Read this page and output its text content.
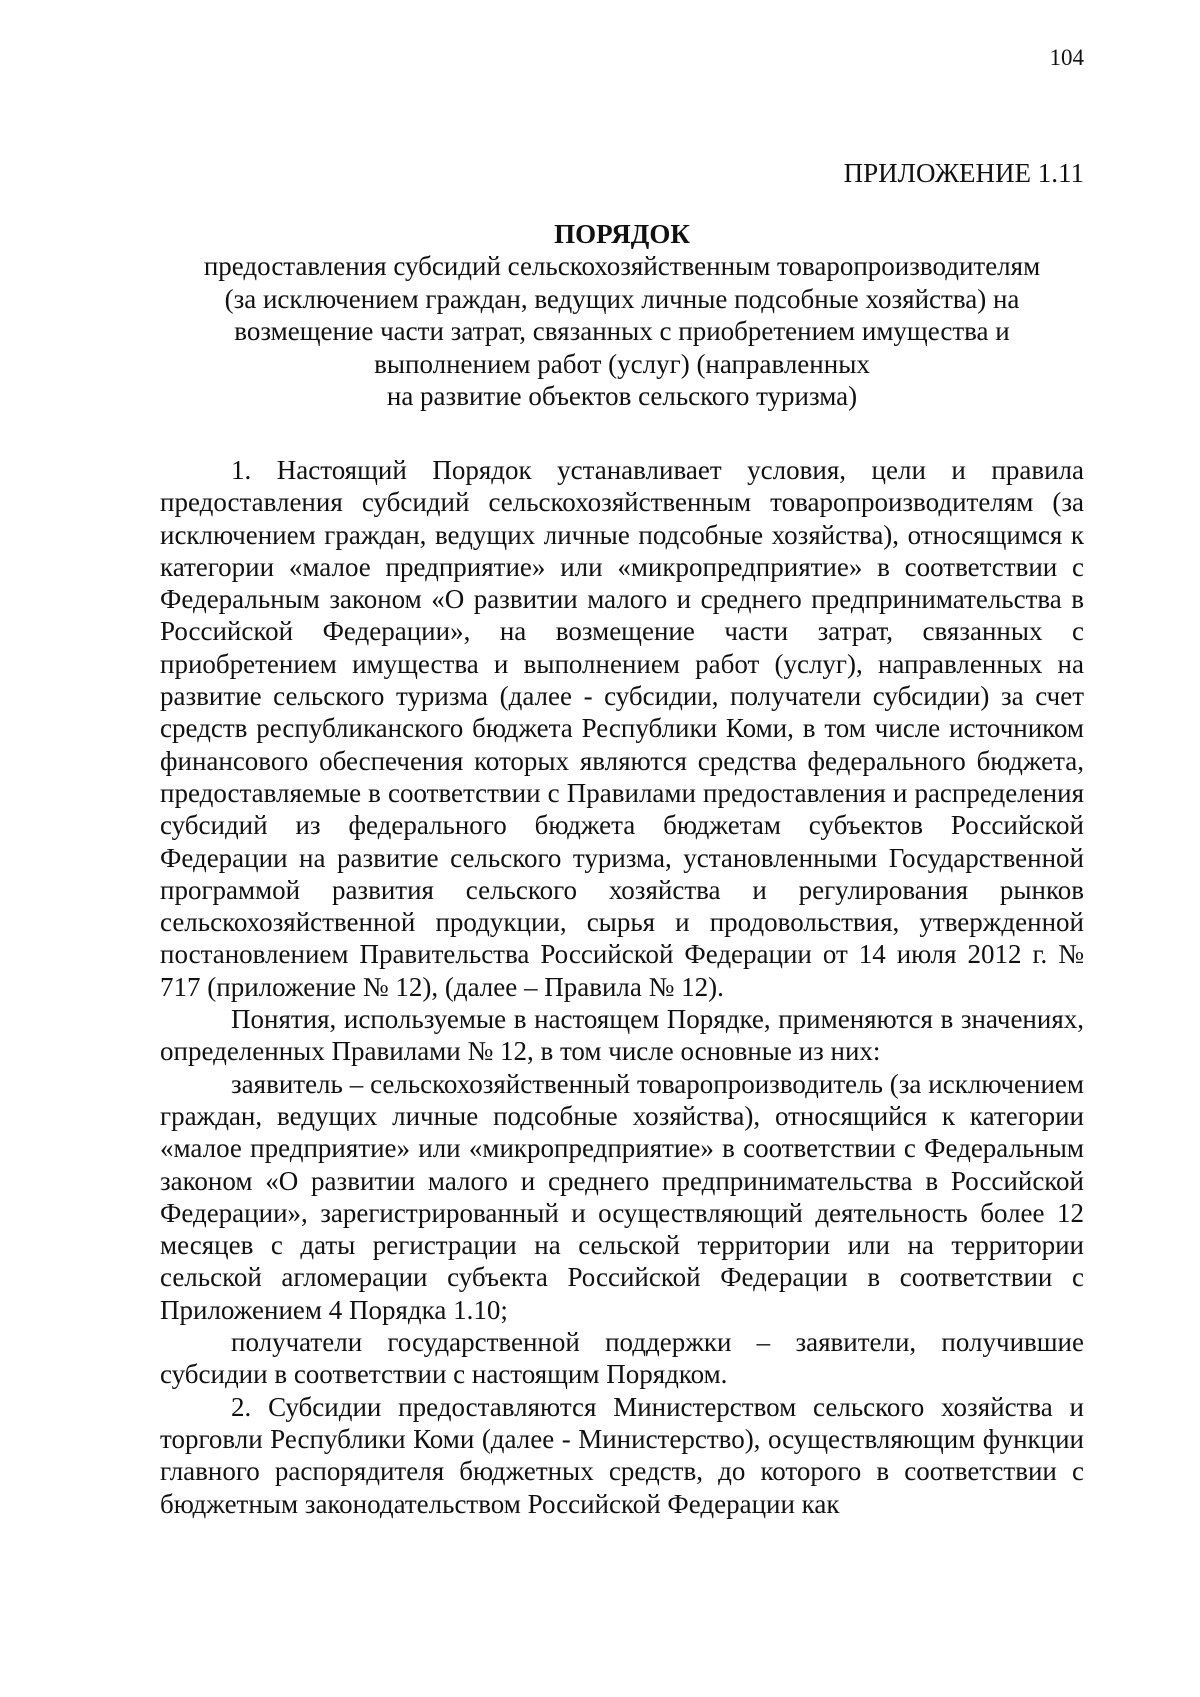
104
ПРИЛОЖЕНИЕ 1.11

ПОРЯДОК

предоставления субсидий сельскохозяйственным товаропроизводителям
(за исключением граждан, ведущих личные подсобные хозяйства) на
возмещение части затрат, связанных с приобретением имущества и
выполнением работ (услуг) (направленных
на развитие объектов сельского туризма)

1. Настоящий Порядок устанавливает условия, цели и правила предоставления субсидий сельскохозяйственным товаропроизводителям (за исключением граждан, ведущих личные подсобные хозяйства), относящимся к категории «малое предприятие» или «микропредприятие» в соответствии с Федеральным законом «О развитии малого и среднего предпринимательства в Российской Федерации», на возмещение части затрат, связанных с приобретением имущества и выполнением работ (услуг), направленных на развитие сельского туризма (далее - субсидии, получатели субсидии) за счет средств республиканского бюджета Республики Коми, в том числе источником финансового обеспечения которых являются средства федерального бюджета, предоставляемые в соответствии с Правилами предоставления и распределения субсидий из федерального бюджета бюджетам субъектов Российской Федерации на развитие сельского туризма, установленными Государственной программой развития сельского хозяйства и регулирования рынков сельскохозяйственной продукции, сырья и продовольствия, утвержденной постановлением Правительства Российской Федерации от 14 июля 2012 г. № 717 (приложение № 12), (далее – Правила № 12).

Понятия, используемые в настоящем Порядке, применяются в значениях, определенных Правилами № 12, в том числе основные из них:

заявитель – сельскохозяйственный товаропроизводитель (за исключением граждан, ведущих личные подсобные хозяйства), относящийся к категории «малое предприятие» или «микропредприятие» в соответствии с Федеральным законом «О развитии малого и среднего предпринимательства в Российской Федерации», зарегистрированный и осуществляющий деятельность более 12 месяцев с даты регистрации на сельской территории или на территории сельской агломерации субъекта Российской Федерации в соответствии с Приложением 4 Порядка 1.10;

получатели государственной поддержки – заявители, получившие субсидии в соответствии с настоящим Порядком.

2. Субсидии предоставляются Министерством сельского хозяйства и торговли Республики Коми (далее - Министерство), осуществляющим функции главного распорядителя бюджетных средств, до которого в соответствии с бюджетным законодательством Российской Федерации как
